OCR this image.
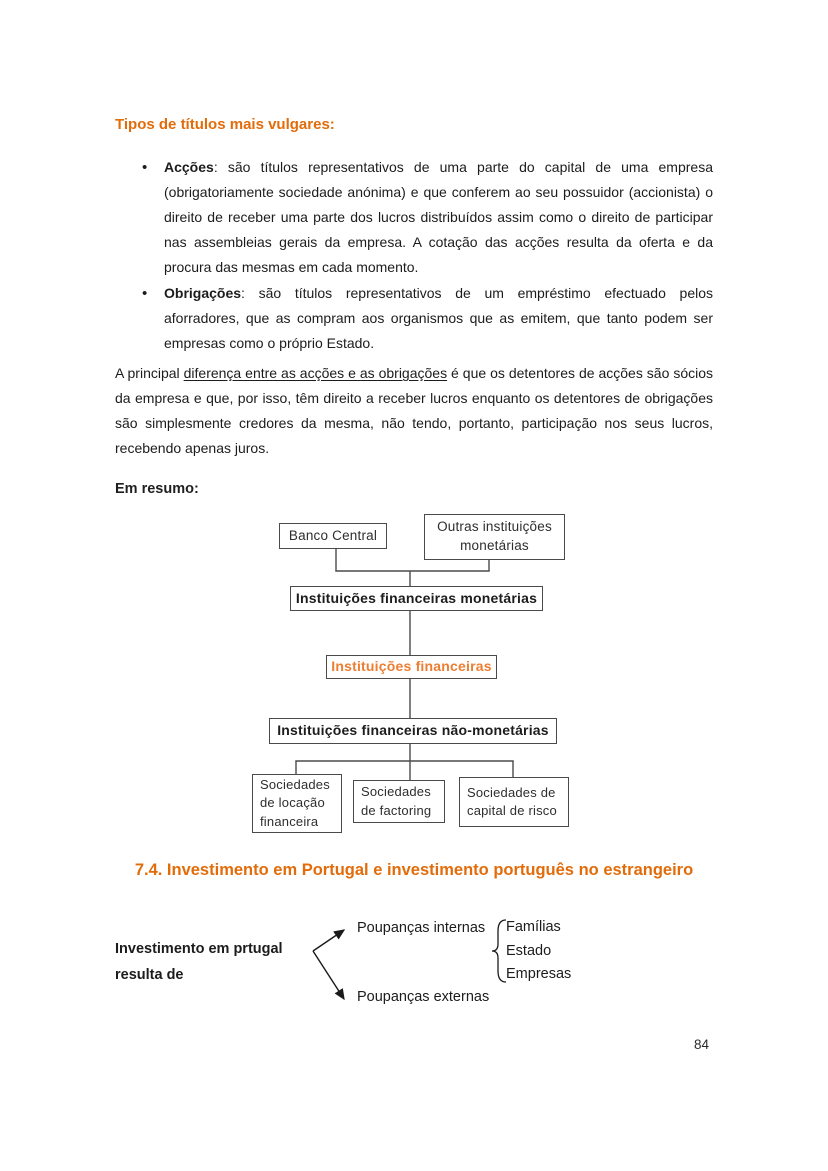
Tipos de títulos mais vulgares:
• Acções: são títulos representativos de uma parte do capital de uma empresa (obrigatoriamente sociedade anónima) e que conferem ao seu possuidor (accionista) o direito de receber uma parte dos lucros distribuídos assim como o direito de participar nas assembleias gerais da empresa. A cotação das acções resulta da oferta e da procura das mesmas em cada momento.
• Obrigações: são títulos representativos de um empréstimo efectuado pelos aforradores, que as compram aos organismos que as emitem, que tanto podem ser empresas como o próprio Estado.

A principal diferença entre as acções e as obrigações é que os detentores de acções são sócios da empresa e que, por isso, têm direito a receber lucros enquanto os detentores de obrigações são simplesmente credores da mesma, não tendo, portanto, participação nos seus lucros, recebendo apenas juros.

Em resumo:
Banco Central
Outras instituições monetárias
Instituições financeiras monetárias
Instituições financeiras
Instituições financeiras não-monetárias
Sociedades de locação financeira
Sociedades de factoring
Sociedades de capital de risco
7.4. Investimento em Portugal e investimento português no estrangeiro
Investimento em prtugal
resulta de
Poupanças internas Famílias
Estado
Empresas
Poupanças externas
84
